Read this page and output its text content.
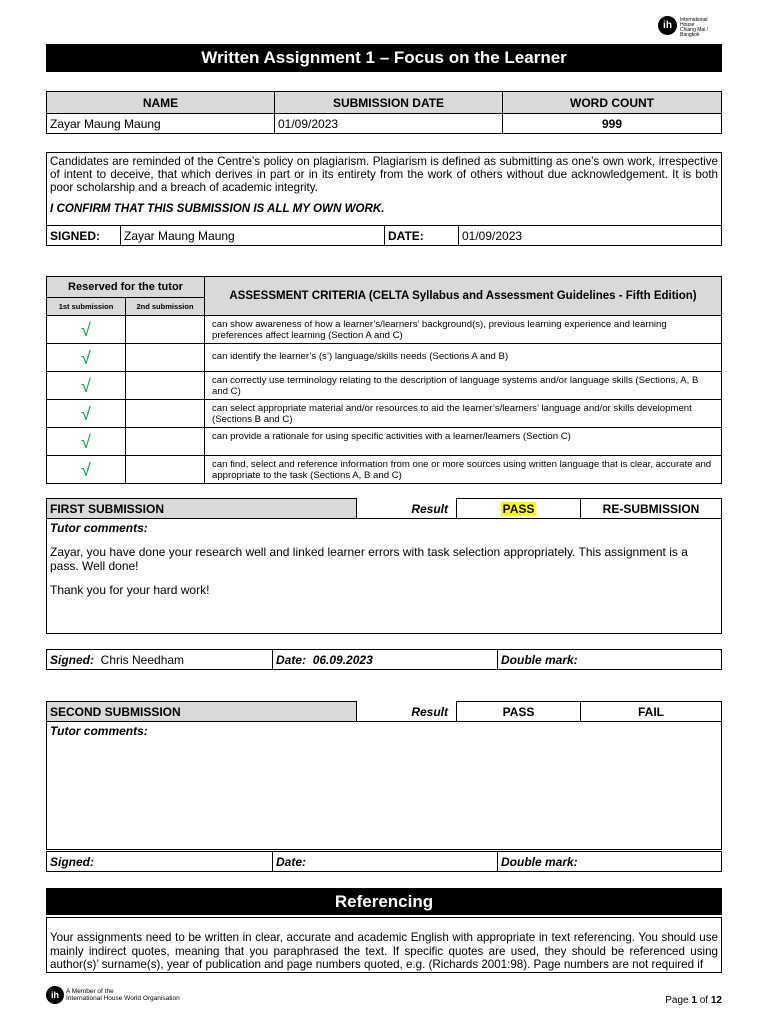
ih	International
House
Chiang Mai / Bangkok
Written Assignment 1 – Focus on the Learner
NAME	SUBMISSION DATE	WORD COUNT
Zayar Maung Maung	01/09/2023	999
Candidates are reminded of the Centre’s policy on plagiarism. Plagiarism is defined as submitting as one’s own work, irrespective of intent to deceive, that which derives in part or in its entirety from the work of others without due acknowledgement. It is both poor scholarship and a breach of academic integrity.
I CONFIRM THAT THIS SUBMISSION IS ALL MY OWN WORK.
SIGNED:	Zayar Maung Maung	DATE:	01/09/2023
Reserved for the tutor		ASSESSMENT CRITERIA (CELTA Syllabus and Assessment Guidelines - Fifth Edition)
1st submission	2nd submission	
√		can show awareness of how a learner’s/learners’ background(s), previous learning experience and learning preferences affect learning (Section A and C)

√		can identify the learner’s (s’) language/skills needs (Sections A and B)

√		can correctly use terminology relating to the description of language systems and/or language skills (Sections, A, B and C)

√		can select appropriate material and/or resources to aid the learner’s/learners’ language and/or skills development (Sections B and C)

√		can provide a rationale for using specific activities with a learner/learners (Section C)

√		can find, select and reference information from one or more sources using written language that is clear, accurate and appropriate to the task (Sections A, B and C)
FIRST SUBMISSION	Result	PASS	RE-SUBMISSION

Tutor comments:
Zayar, you have done your research well and linked learner errors with task selection appropriately. This assignment is a pass. Well done!
Thank you for your hard work!
Signed: Chris Needham	Date: 06.09.2023	Double mark:
SECOND SUBMISSION	Result	PASS	FAIL

Tutor comments:
Signed:	Date:	Double mark:
Referencing
Your assignments need to be written in clear, accurate and academic English with appropriate in text referencing. You should use mainly indirect quotes, meaning that you paraphrased the text. If specific quotes are used, they should be referenced using author(s)’ surname(s), year of publication and page numbers quoted, e.g. (Richards 2001:98). Page numbers are not required if
ih	A Member of the
International House World Organisation	Page 1 of 12
